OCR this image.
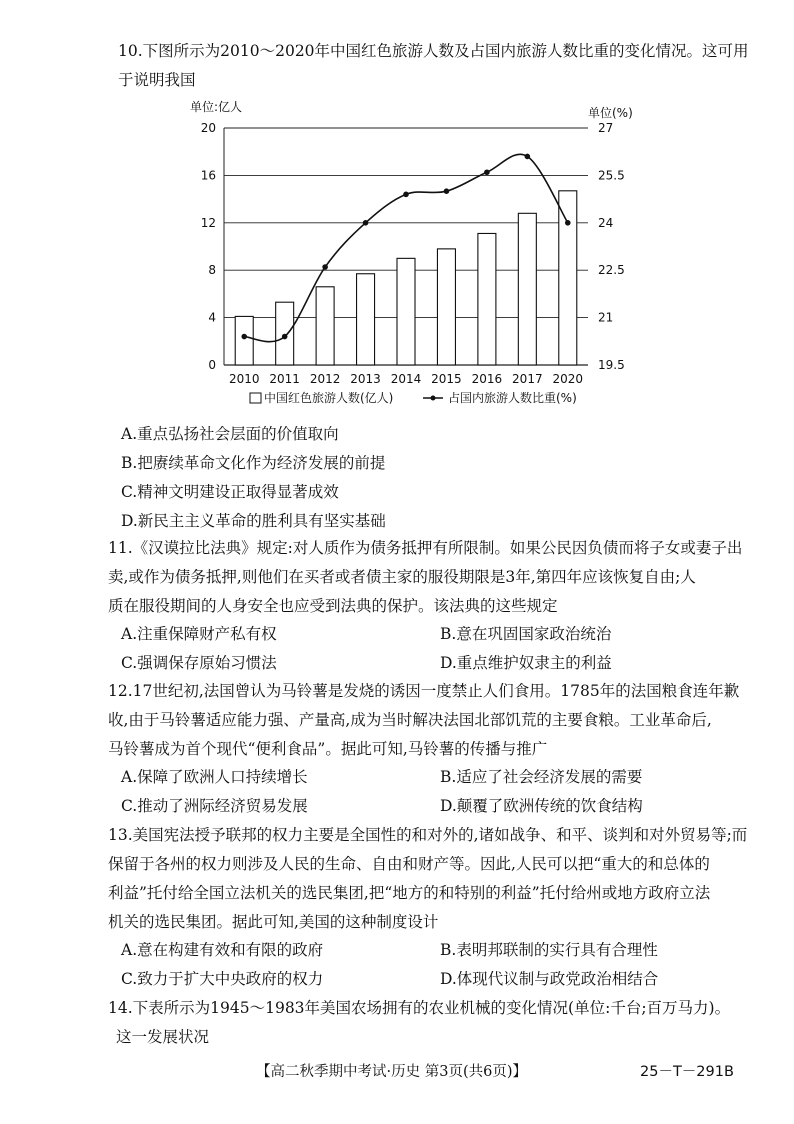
10.下图所示为2010～2020年中国红色旅游人数及占国内旅游人数比重的变化情况。这可用
于说明我国
单位:亿人	单位(%)
0
4
8
12
16
20
19.5
21
22.5
24
25.5
27
2010 2011 2012 2013 2014 2015 2016 2017 2020
中国红色旅游人数(亿人)	占国内旅游人数比重(%)
A.重点弘扬社会层面的价值取向
B.把赓续革命文化作为经济发展的前提
C.精神文明建设正取得显著成效
D.新民主主义革命的胜利具有坚实基础
11.《汉谟拉比法典》规定:对人质作为债务抵押有所限制。如果公民因负债而将子女或妻子出
卖,或作为债务抵押,则他们在买者或者债主家的服役期限是3年,第四年应该恢复自由;人
质在服役期间的人身安全也应受到法典的保护。该法典的这些规定
A.注重保障财产私有权	B.意在巩固国家政治统治
C.强调保存原始习惯法	D.重点维护奴隶主的利益
12.17世纪初,法国曾认为马铃薯是发烧的诱因一度禁止人们食用。1785年的法国粮食连年歉
收,由于马铃薯适应能力强、产量高,成为当时解决法国北部饥荒的主要食粮。工业革命后,
马铃薯成为首个现代“便利食品”。据此可知,马铃薯的传播与推广
A.保障了欧洲人口持续增长	B.适应了社会经济发展的需要
C.推动了洲际经济贸易发展	D.颠覆了欧洲传统的饮食结构
13.美国宪法授予联邦的权力主要是全国性的和对外的,诸如战争、和平、谈判和对外贸易等;而
保留于各州的权力则涉及人民的生命、自由和财产等。因此,人民可以把“重大的和总体的
利益”托付给全国立法机关的选民集团,把“地方的和特别的利益”托付给州或地方政府立法
机关的选民集团。据此可知,美国的这种制度设计
A.意在构建有效和有限的政府	B.表明邦联制的实行具有合理性
C.致力于扩大中央政府的权力	D.体现代议制与政党政治相结合
14.下表所示为1945～1983年美国农场拥有的农业机械的变化情况(单位:千台;百万马力)。
这一发展状况
【高二秋季期中考试·历史 第3页(共6页)】	25－T－291B
